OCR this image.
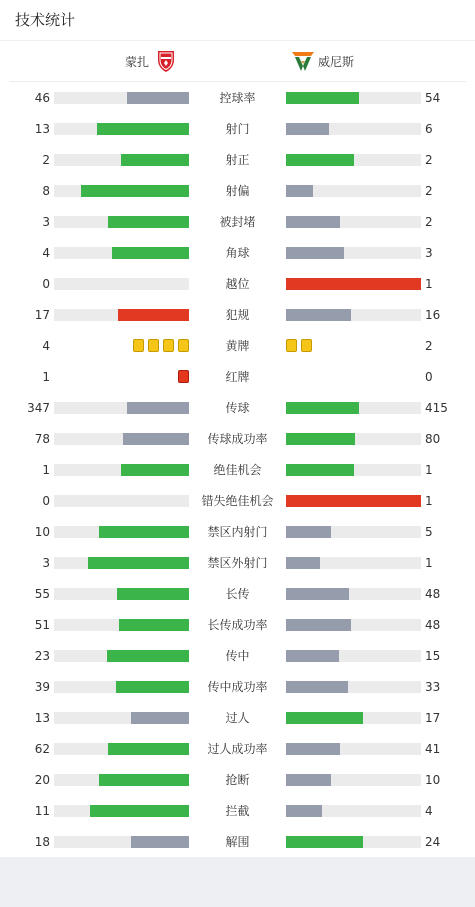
技术统计
蒙扎	威尼斯
46	控球率	54
13	射门	6
2	射正	2
8	射偏	2
3	被封堵	2
4	角球	3
0	越位	1
17	犯规	16
4	黄牌	2
1	红牌	0
347	传球	415
78	传球成功率	80
1	绝佳机会	1
0	错失绝佳机会	1
10	禁区内射门	5
3	禁区外射门	1
55	长传	48
51	长传成功率	48
23	传中	15
39	传中成功率	33
13	过人	17
62	过人成功率	41
20	抢断	10
11	拦截	4
18	解围	24
